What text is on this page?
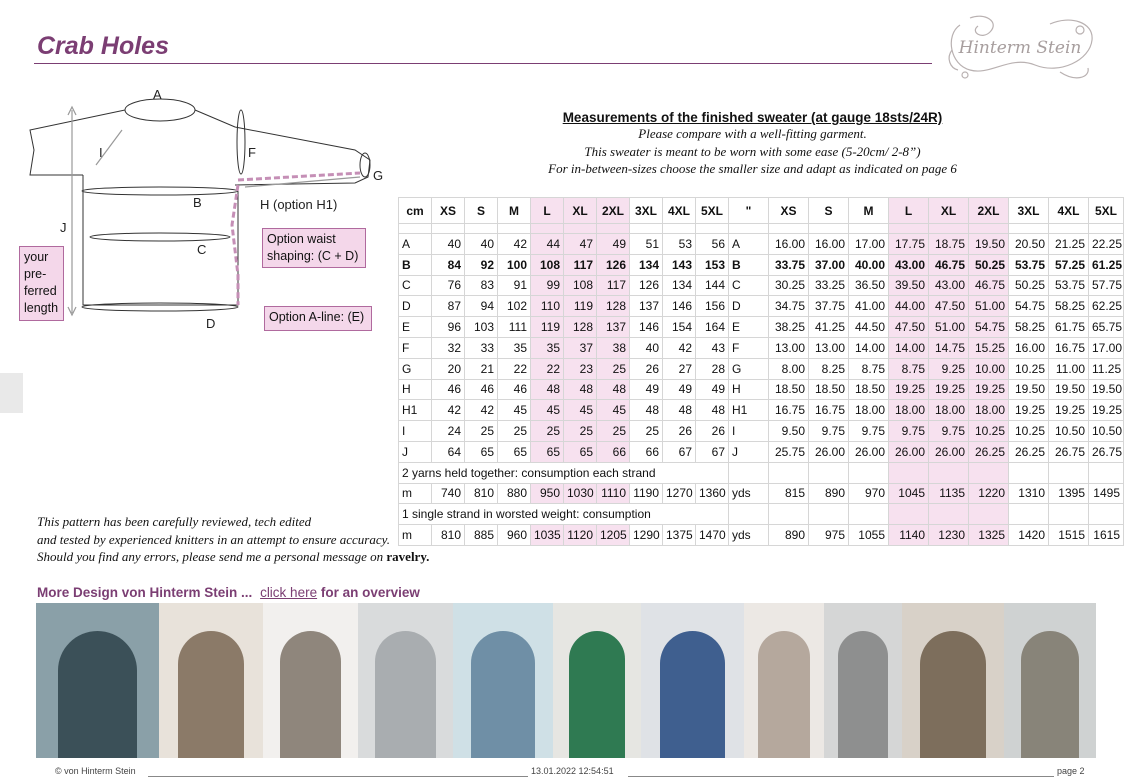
Crab Holes	Hinterm Stein
A
I	F
G
B	H (option H1)
J
C
D
your pre-ferred length
Option waist shaping: (C + D)
Option A-line: (E)
Measurements of the finished sweater (at gauge 18sts/24R)
Please compare with a well-fitting garment.
This sweater is meant to be worn with some ease (5-20cm/ 2-8”)
For in-between-sizes choose the smaller size and adapt as indicated on page 6
cm	XS	S	M	L	XL	2XL	3XL	4XL	5XL	"	XS	S	M	L	XL	2XL	3XL	4XL	5XL

A	40	40	42	44	47	49	51	53	56	A	16.00	16.00	17.00	17.75	18.75	19.50	20.50	21.25	22.25
B	84	92	100	108	117	126	134	143	153	B	33.75	37.00	40.00	43.00	46.75	50.25	53.75	57.25	61.25
C	76	83	91	99	108	117	126	134	144	C	30.25	33.25	36.50	39.50	43.00	46.75	50.25	53.75	57.75
D	87	94	102	110	119	128	137	146	156	D	34.75	37.75	41.00	44.00	47.50	51.00	54.75	58.25	62.25
E	96	103	111	119	128	137	146	154	164	E	38.25	41.25	44.50	47.50	51.00	54.75	58.25	61.75	65.75
F	32	33	35	35	37	38	40	42	43	F	13.00	13.00	14.00	14.00	14.75	15.25	16.00	16.75	17.00
G	20	21	22	22	23	25	26	27	28	G	8.00	8.25	8.75	8.75	9.25	10.00	10.25	11.00	11.25
H	46	46	46	48	48	48	49	49	49	H	18.50	18.50	18.50	19.25	19.25	19.25	19.50	19.50	19.50
H1	42	42	45	45	45	45	48	48	48	H1	16.75	16.75	18.00	18.00	18.00	18.00	19.25	19.25	19.25
I	24	25	25	25	25	25	25	26	26	I	9.50	9.75	9.75	9.75	9.75	10.25	10.25	10.50	10.50
J	64	65	65	65	65	66	66	67	67	J	25.75	26.00	26.00	26.00	26.00	26.25	26.25	26.75	26.75
2 yarns held together: consumption each strand																			
m	740	810	880	950	1030	1110	1190	1270	1360	yds	815	890	970	1045	1135	1220	1310	1395	1495
1 single strand in worsted weight: consumption																			
m	810	885	960	1035	1120	1205	1290	1375	1470	yds	890	975	1055	1140	1230	1325	1420	1515	1615
This pattern has been carefully reviewed, tech edited
and tested by experienced knitters in an attempt to ensure accuracy.
Should you find any errors, please send me a personal message on ravelry.
More Design von Hinterm Stein ... click here for an overview
© von Hinterm Stein	13.01.2022 12:54:51	page 2
